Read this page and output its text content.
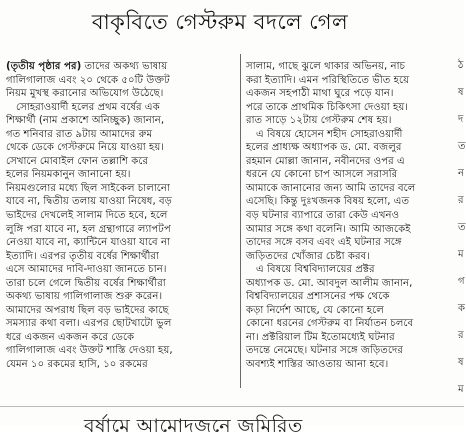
বাকৃবিতে গেস্টরুম বদলে গেল
(তৃতীয় পৃষ্ঠার পর) তাদের অকথ্য ভাষায়
গালিগালাজ এবং ২০ থেকে ৫০টি উক্তট
নিয়ম মুখস্থ করানোর অভিযোগ উঠেছে।
সোহরাওয়ার্দী হলের প্রথম বর্ষের এক
শিক্ষার্থী (নাম প্রকাশে অনিচ্ছুক) জানান,
গত শনিবার রাত ৯টায় আমাদের রুম
থেকে ডেকে গেস্টরুমে নিয়ে যাওয়া হয়।
সেখানে মোবাইল ফোন তল্লাশি করে
হলের নিয়মকানুন জানানো হয়।
নিয়মগুলোর মধ্যে ছিল সাইকেল চালানো
যাবে না, দ্বিতীয় তলায় যাওয়া নিষেধ, বড়
ভাইদের দেখলেই সালাম দিতে হবে, হলে
লুঙ্গি পরা যাবে না, হল গ্রন্থাগারে ল্যাপটপ
নেওয়া যাবে না, ক্যান্টিনে যাওয়া যাবে না
ইত্যাদি। এরপর তৃতীয় বর্ষের শিক্ষার্থীরা
এসে আমাদের দাবি-দাওয়া জানতে চান।
তারা চলে গেলে দ্বিতীয় বর্ষের শিক্ষার্থীরা
অকথ্য ভাষায় গালিগালাজ শুরু করেন।
আমাদের অপরাধ ছিল বড় ভাইদের কাছে
সমস্যার কথা বলা। এরপর ছোটখাটো ভুল
ধরে একজন একজন করে ডেকে
গালিগালাজ এবং উক্তট শাস্তি দেওয়া হয়,
যেমন ১০ রকমের হাসি, ১০ রকমের
সালাম, গাছে ঝুলে থাকার অভিনয়, নাচ
করা ইত্যাদি। এমন পরিস্থিতিতে ভীত হয়ে
একজন সহপাঠী মাথা ঘুরে পড়ে যান।
পরে তাকে প্রাথমিক চিকিৎসা দেওয়া হয়।
রাত সাড়ে ১২টায় গেস্টরুম শেষ হয়।
এ বিষয়ে হোসেন শহীদ সোহরাওয়ার্দী
হলের প্রাধ্যক্ষ অধ্যাপক ড. মো. বজলুর
রহমান মোল্লা জানান, নবীনদের ওপর এ
ধরনে যে কোনো চাপ আসলে সরাসরি
আমাকে জানানোর জন্য আমি তাদের বলে
এসেছি। কিন্তু দুঃখজনক বিষয় হলো, এত
বড় ঘটনার ব্যাপারে তারা কেউ এখনও
আমার সঙ্গে কথা বলেনি। আমি আজকেই
তাদের সঙ্গে বসব এবং এই ঘটনার সঙ্গে
জড়িতদের খোঁজার চেষ্টা করব।
এ বিষয়ে বিশ্ববিদ্যালয়ের প্রক্টর
অধ্যাপক ড. মো. আবদুল আলীম জানান,
বিশ্ববিদ্যালয়ের প্রশাসনের পক্ষ থেকে
কড়া নির্দেশ আছে, যে কোনো হলে
কোনো ধরনের গেস্টরুম বা নির্যাতন চলবে
না। প্রক্টরিয়াল টিম ইতোমধ্যেই ঘটনার
তদন্তে নেমেছে। ঘটনার সঙ্গে জড়িতদের
অবশ্যই শাস্তির আওতায় আনা হবে।
ঠ
ষ
দ
ত
ন
র
ত
ম
গ
ক
র
ষ
ম
বর্ষামে আমোদজনে জমিরিত
